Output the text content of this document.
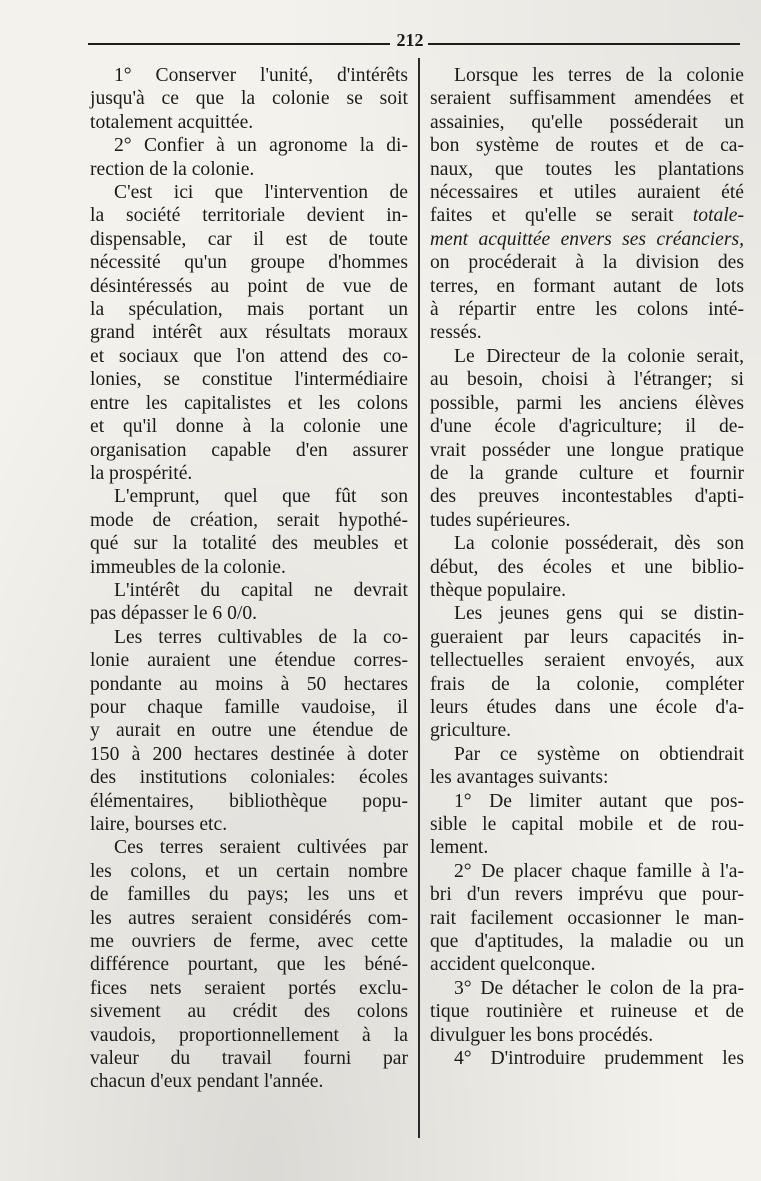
212
1° Conserver l'unité, d'intérêts
jusqu'à ce que la colonie se soit
totalement acquittée.
2° Confier à un agronome la di-
rection de la colonie.
C'est ici que l'intervention de
la société territoriale devient in-
dispensable, car il est de toute
nécessité qu'un groupe d'hommes
désintéressés au point de vue de
la spéculation, mais portant un
grand intérêt aux résultats moraux
et sociaux que l'on attend des co-
lonies, se constitue l'intermédiaire
entre les capitalistes et les colons
et qu'il donne à la colonie une
organisation capable d'en assurer
la prospérité.
L'emprunt, quel que fût son
mode de création, serait hypothé-
qué sur la totalité des meubles et
immeubles de la colonie.
L'intérêt du capital ne devrait
pas dépasser le 6 0/0.
Les terres cultivables de la co-
lonie auraient une étendue corres-
pondante au moins à 50 hectares
pour chaque famille vaudoise, il
y aurait en outre une étendue de
150 à 200 hectares destinée à doter
des institutions coloniales: écoles
élémentaires, bibliothèque popu-
laire, bourses etc.
Ces terres seraient cultivées par
les colons, et un certain nombre
de familles du pays; les uns et
les autres seraient considérés com-
me ouvriers de ferme, avec cette
différence pourtant, que les béné-
fices nets seraient portés exclu-
sivement au crédit des colons
vaudois, proportionnellement à la
valeur du travail fourni par
chacun d'eux pendant l'année.
Lorsque les terres de la colonie
seraient suffisamment amendées et
assainies, qu'elle posséderait un
bon système de routes et de ca-
naux, que toutes les plantations
nécessaires et utiles auraient été
faites et qu'elle se serait totale-
ment acquittée envers ses créanciers,
on procéderait à la division des
terres, en formant autant de lots
à répartir entre les colons inté-
ressés.
Le Directeur de la colonie serait,
au besoin, choisi à l'étranger; si
possible, parmi les anciens élèves
d'une école d'agriculture; il de-
vrait posséder une longue pratique
de la grande culture et fournir
des preuves incontestables d'apti-
tudes supérieures.
La colonie posséderait, dès son
début, des écoles et une biblio-
thèque populaire.
Les jeunes gens qui se distin-
gueraient par leurs capacités in-
tellectuelles seraient envoyés, aux
frais de la colonie, compléter
leurs études dans une école d'a-
griculture.
Par ce système on obtiendrait
les avantages suivants:
1° De limiter autant que pos-
sible le capital mobile et de rou-
lement.
2° De placer chaque famille à l'a-
bri d'un revers imprévu que pour-
rait facilement occasionner le man-
que d'aptitudes, la maladie ou un
accident quelconque.
3° De détacher le colon de la pra-
tique routinière et ruineuse et de
divulguer les bons procédés.
4° D'introduire prudemment les
